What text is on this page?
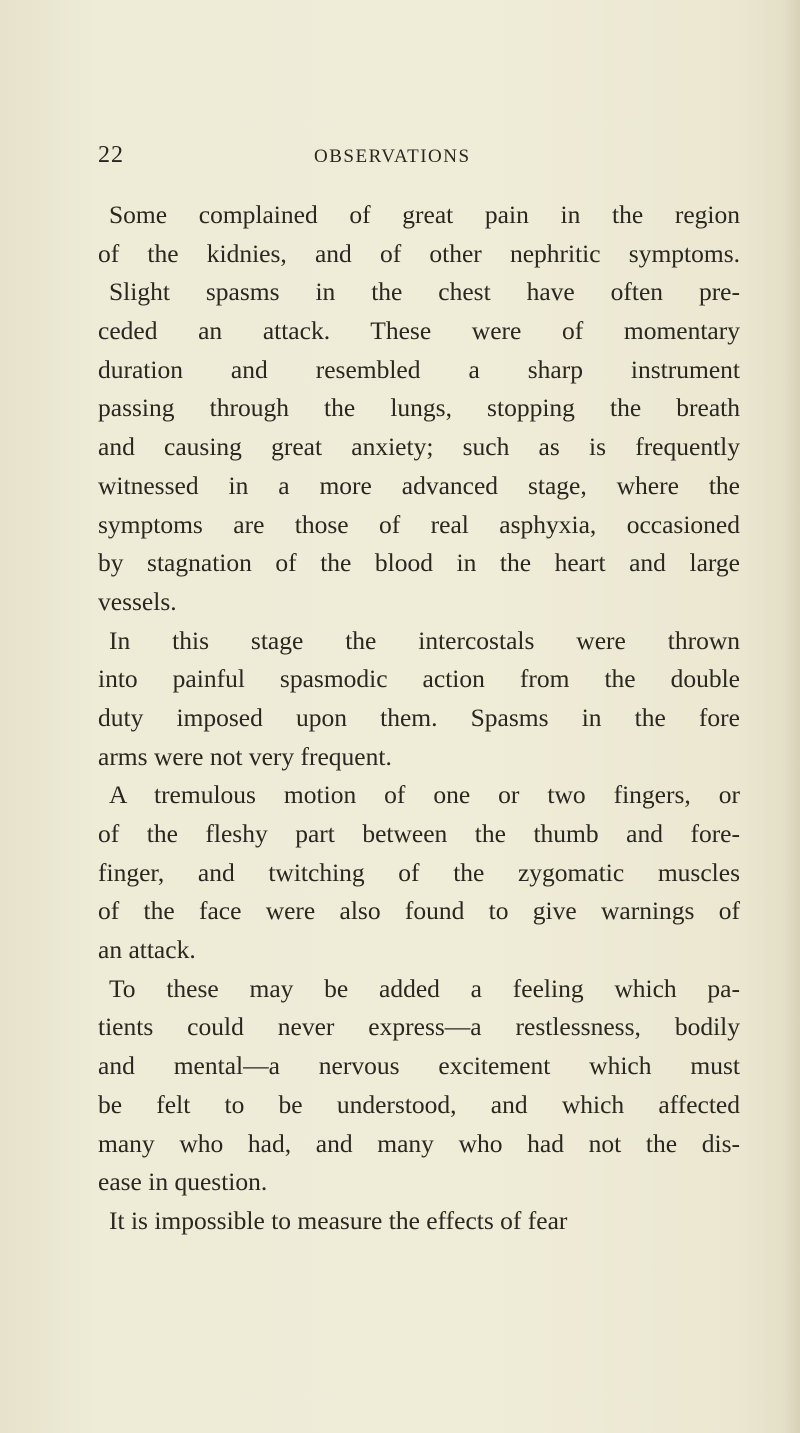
22	OBSERVATIONS
Some complained of great pain in the region
of the kidnies, and of other nephritic symptoms.
Slight spasms in the chest have often pre-
ceded an attack. These were of momentary
duration and resembled a sharp instrument
passing through the lungs, stopping the breath
and causing great anxiety; such as is frequently
witnessed in a more advanced stage, where the
symptoms are those of real asphyxia, occasioned
by stagnation of the blood in the heart and large
vessels.
In this stage the intercostals were thrown
into painful spasmodic action from the double
duty imposed upon them. Spasms in the fore
arms were not very frequent.
A tremulous motion of one or two fingers, or
of the fleshy part between the thumb and fore-
finger, and twitching of the zygomatic muscles
of the face were also found to give warnings of
an attack.
To these may be added a feeling which pa-
tients could never express—a restlessness, bodily
and mental—a nervous excitement which must
be felt to be understood, and which affected
many who had, and many who had not the dis-
ease in question.
It is impossible to measure the effects of fear
